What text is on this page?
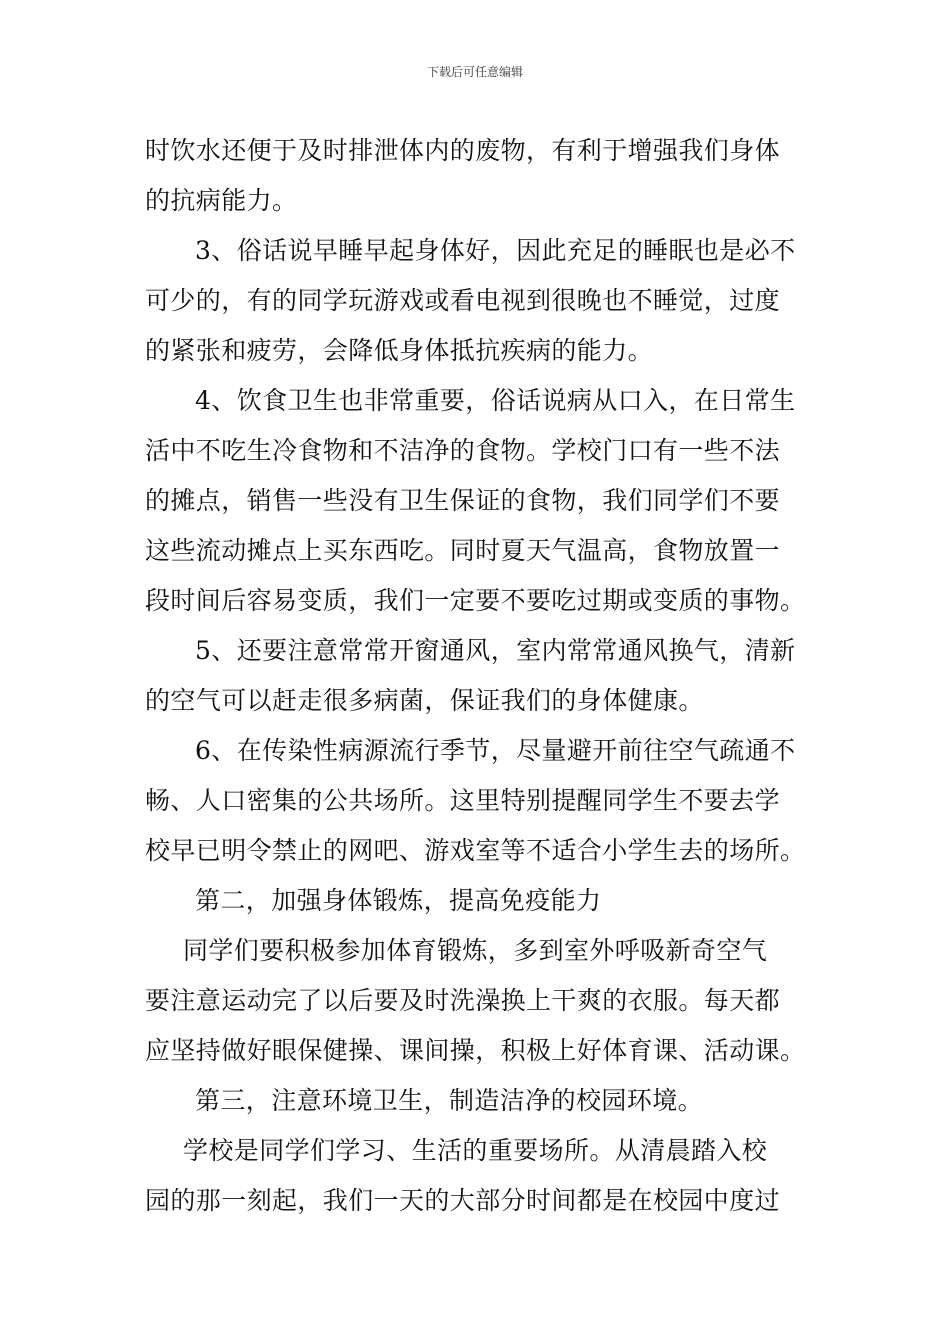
下载后可任意编辑
时饮水还便于及时排泄体内的废物，有利于增强我们身体
的抗病能力。
3、俗话说早睡早起身体好，因此充足的睡眠也是必不
可少的，有的同学玩游戏或看电视到很晚也不睡觉，过度
的紧张和疲劳，会降低身体抵抗疾病的能力。
4、饮食卫生也非常重要，俗话说病从口入，在日常生
活中不吃生冷食物和不洁净的食物。学校门口有一些不法
的摊点，销售一些没有卫生保证的食物，我们同学们不要
这些流动摊点上买东西吃。同时夏天气温高，食物放置一
段时间后容易变质，我们一定要不要吃过期或变质的事物。
5、还要注意常常开窗通风，室内常常通风换气，清新
的空气可以赶走很多病菌，保证我们的身体健康。
6、在传染性病源流行季节，尽量避开前往空气疏通不
畅、人口密集的公共场所。这里特别提醒同学生不要去学
校早已明令禁止的网吧、游戏室等不适合小学生去的场所。
第二，加强身体锻炼，提高免疫能力
同学们要积极参加体育锻炼，多到室外呼吸新奇空气
要注意运动完了以后要及时洗澡换上干爽的衣服。每天都
应坚持做好眼保健操、课间操，积极上好体育课、活动课。
第三，注意环境卫生，制造洁净的校园环境。
学校是同学们学习、生活的重要场所。从清晨踏入校
园的那一刻起，我们一天的大部分时间都是在校园中度过
